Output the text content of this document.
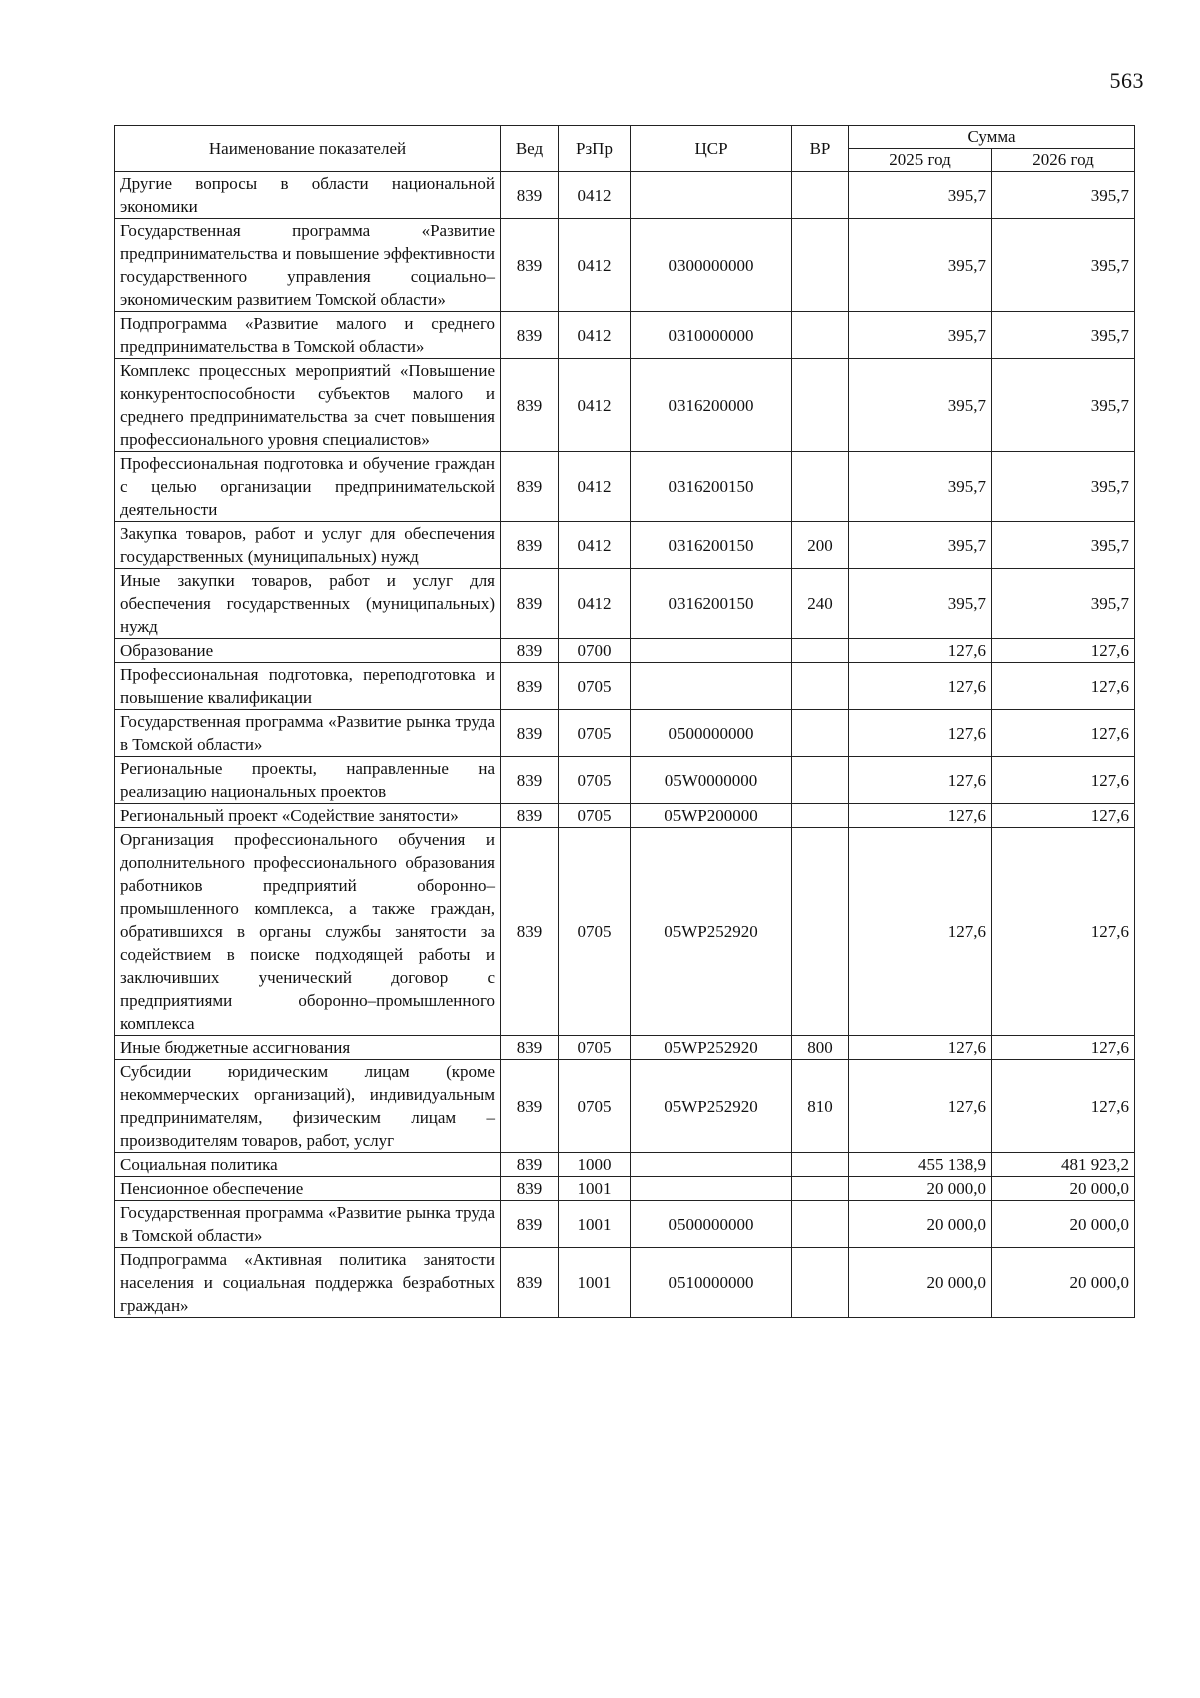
563
Наименование показателей	Вед	РзПр	ЦСР	ВР	Сумма	
					2025 год	2026 год
Другие вопросы в области национальной экономики	839	0412			395,7	395,7
Государственная программа «Развитие предпринимательства и повышение эффективности государственного управления социально–экономическим развитием Томской области»	839	0412	0300000000		395,7	395,7
Подпрограмма «Развитие малого и среднего предпринимательства в Томской области»	839	0412	0310000000		395,7	395,7
Комплекс процессных мероприятий «Повышение конкурентоспособности субъектов малого и среднего предпринимательства за счет повышения профессионального уровня специалистов»	839	0412	0316200000		395,7	395,7
Профессиональная подготовка и обучение граждан с целью организации предпринимательской деятельности	839	0412	0316200150		395,7	395,7
Закупка товаров, работ и услуг для обеспечения государственных (муниципальных) нужд	839	0412	0316200150	200	395,7	395,7
Иные закупки товаров, работ и услуг для обеспечения государственных (муниципальных) нужд	839	0412	0316200150	240	395,7	395,7
Образование	839	0700			127,6	127,6
Профессиональная подготовка, переподготовка и повышение квалификации	839	0705			127,6	127,6
Государственная программа «Развитие рынка труда в Томской области»	839	0705	0500000000		127,6	127,6
Региональные проекты, направленные на реализацию национальных проектов	839	0705	05W0000000		127,6	127,6
Региональный проект «Содействие занятости»	839	0705	05WP200000		127,6	127,6
Организация профессионального обучения и дополнительного профессионального образования работников предприятий оборонно–промышленного комплекса, а также граждан, обратившихся в органы службы занятости за содействием в поиске подходящей работы и заключивших ученический договор с предприятиями оборонно–промышленного комплекса	839	0705	05WP252920		127,6	127,6
Иные бюджетные ассигнования	839	0705	05WP252920	800	127,6	127,6
Субсидии юридическим лицам (кроме некоммерческих организаций), индивидуальным предпринимателям, физическим лицам – производителям товаров, работ, услуг	839	0705	05WP252920	810	127,6	127,6
Социальная политика	839	1000			455 138,9	481 923,2
Пенсионное обеспечение	839	1001			20 000,0	20 000,0
Государственная программа «Развитие рынка труда в Томской области»	839	1001	0500000000		20 000,0	20 000,0
Подпрограмма «Активная политика занятости населения и социальная поддержка безработных граждан»	839	1001	0510000000		20 000,0	20 000,0
